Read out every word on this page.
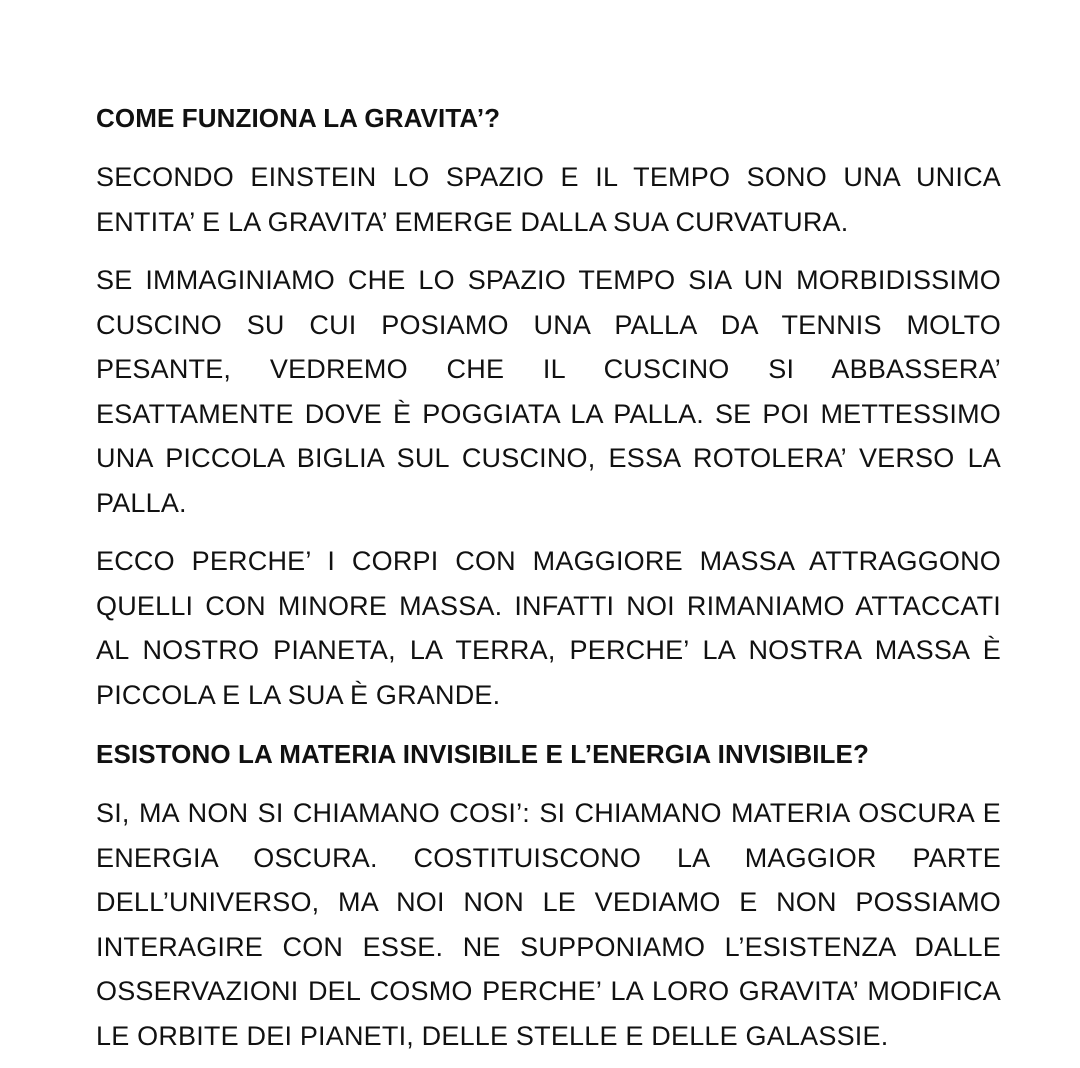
COME FUNZIONA LA GRAVITA’?

SECONDO EINSTEIN LO SPAZIO E IL TEMPO SONO UNA UNICA ENTITA’ E LA GRAVITA’ EMERGE DALLA SUA CURVATURA.

SE IMMAGINIAMO CHE LO SPAZIO TEMPO SIA UN MORBIDISSIMO CUSCINO SU CUI POSIAMO UNA PALLA DA TENNIS MOLTO PESANTE, VEDREMO CHE IL CUSCINO SI ABBASSERA’ ESATTAMENTE DOVE È POGGIATA LA PALLA. SE POI METTESSIMO UNA PICCOLA BIGLIA SUL CUSCINO, ESSA ROTOLERA’ VERSO LA PALLA.

ECCO PERCHE’ I CORPI CON MAGGIORE MASSA ATTRAGGONO QUELLI CON MINORE MASSA. INFATTI NOI RIMANIAMO ATTACCATI AL NOSTRO PIANETA, LA TERRA, PERCHE’ LA NOSTRA MASSA È PICCOLA E LA SUA È GRANDE.

ESISTONO LA MATERIA INVISIBILE E L’ENERGIA INVISIBILE?

SI, MA NON SI CHIAMANO COSI’: SI CHIAMANO MATERIA OSCURA E ENERGIA OSCURA. COSTITUISCONO LA MAGGIOR PARTE DELL’UNIVERSO, MA NOI NON LE VEDIAMO E NON POSSIAMO INTERAGIRE CON ESSE. NE SUPPONIAMO L’ESISTENZA DALLE OSSERVAZIONI DEL COSMO PERCHE’ LA LORO GRAVITA’ MODIFICA LE ORBITE DEI PIANETI, DELLE STELLE E DELLE GALASSIE.
